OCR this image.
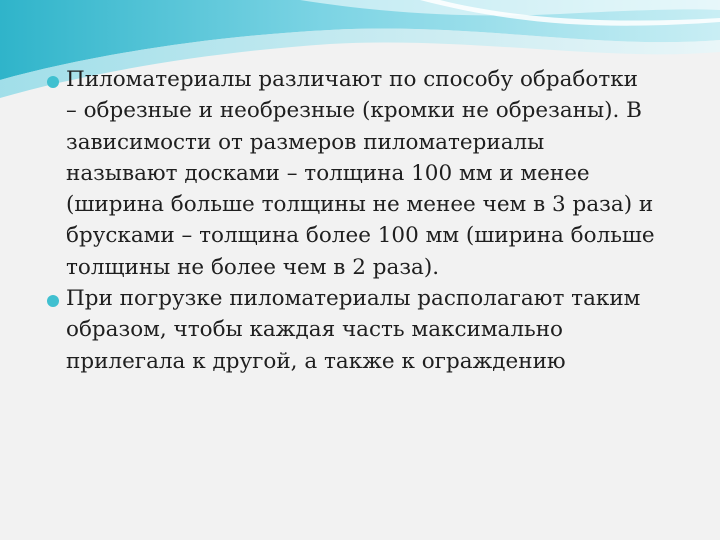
Пиломатериалы различают по способу обработки
– обрезные и необрезные (кромки не обрезаны). В
зависимости от размеров пиломатериалы
называют досками – толщина 100 мм и менее
(ширина больше толщины не менее чем в 3 раза) и
брусками – толщина более 100 мм (ширина больше
толщины не более чем в 2 раза).
При погрузке пиломатериалы располагают таким
образом, чтобы каждая часть максимально
прилегала к другой, а также к ограждению
